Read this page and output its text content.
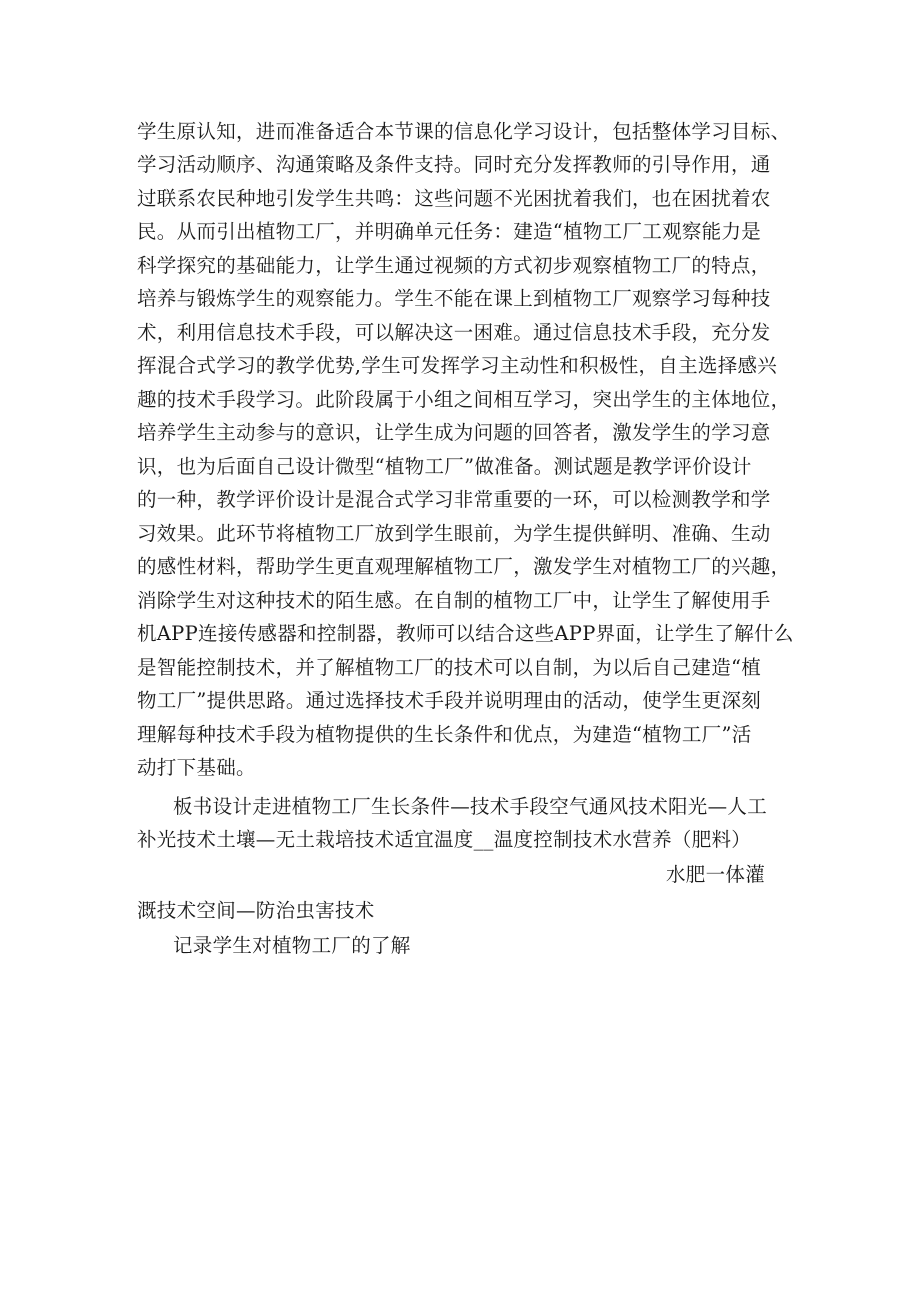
学生原认知，进而准备适合本节课的信息化学习设计，包括整体学习目标、
学习活动顺序、沟通策略及条件支持。同时充分发挥教师的引导作用，通
过联系农民种地引发学生共鸣：这些问题不光困扰着我们，也在困扰着农
民。从而引出植物工厂，并明确单元任务：建造“植物工厂工观察能力是
科学探究的基础能力，让学生通过视频的方式初步观察植物工厂的特点，
培养与锻炼学生的观察能力。学生不能在课上到植物工厂观察学习每种技
术，利用信息技术手段，可以解决这一困难。通过信息技术手段，充分发
挥混合式学习的教学优势,学生可发挥学习主动性和积极性，自主选择感兴
趣的技术手段学习。此阶段属于小组之间相互学习，突出学生的主体地位，
培养学生主动参与的意识，让学生成为问题的回答者，激发学生的学习意
识，也为后面自己设计微型“植物工厂”做准备。测试题是教学评价设计
的一种，教学评价设计是混合式学习非常重要的一环，可以检测教学和学
习效果。此环节将植物工厂放到学生眼前，为学生提供鲜明、准确、生动
的感性材料，帮助学生更直观理解植物工厂，激发学生对植物工厂的兴趣，
消除学生对这种技术的陌生感。在自制的植物工厂中，让学生了解使用手
机APP连接传感器和控制器，教师可以结合这些APP界面，让学生了解什么
是智能控制技术，并了解植物工厂的技术可以自制，为以后自己建造“植
物工厂”提供思路。通过选择技术手段并说明理由的活动，使学生更深刻
理解每种技术手段为植物提供的生长条件和优点，为建造“植物工厂”活
动打下基础。
板书设计走进植物工厂生长条件—技术手段空气通风技术阳光—人工
补光技术土壤—无土栽培技术适宜温度__温度控制技术水营养（肥料）
水肥一体灌
溉技术空间—防治虫害技术
记录学生对植物工厂的了解
